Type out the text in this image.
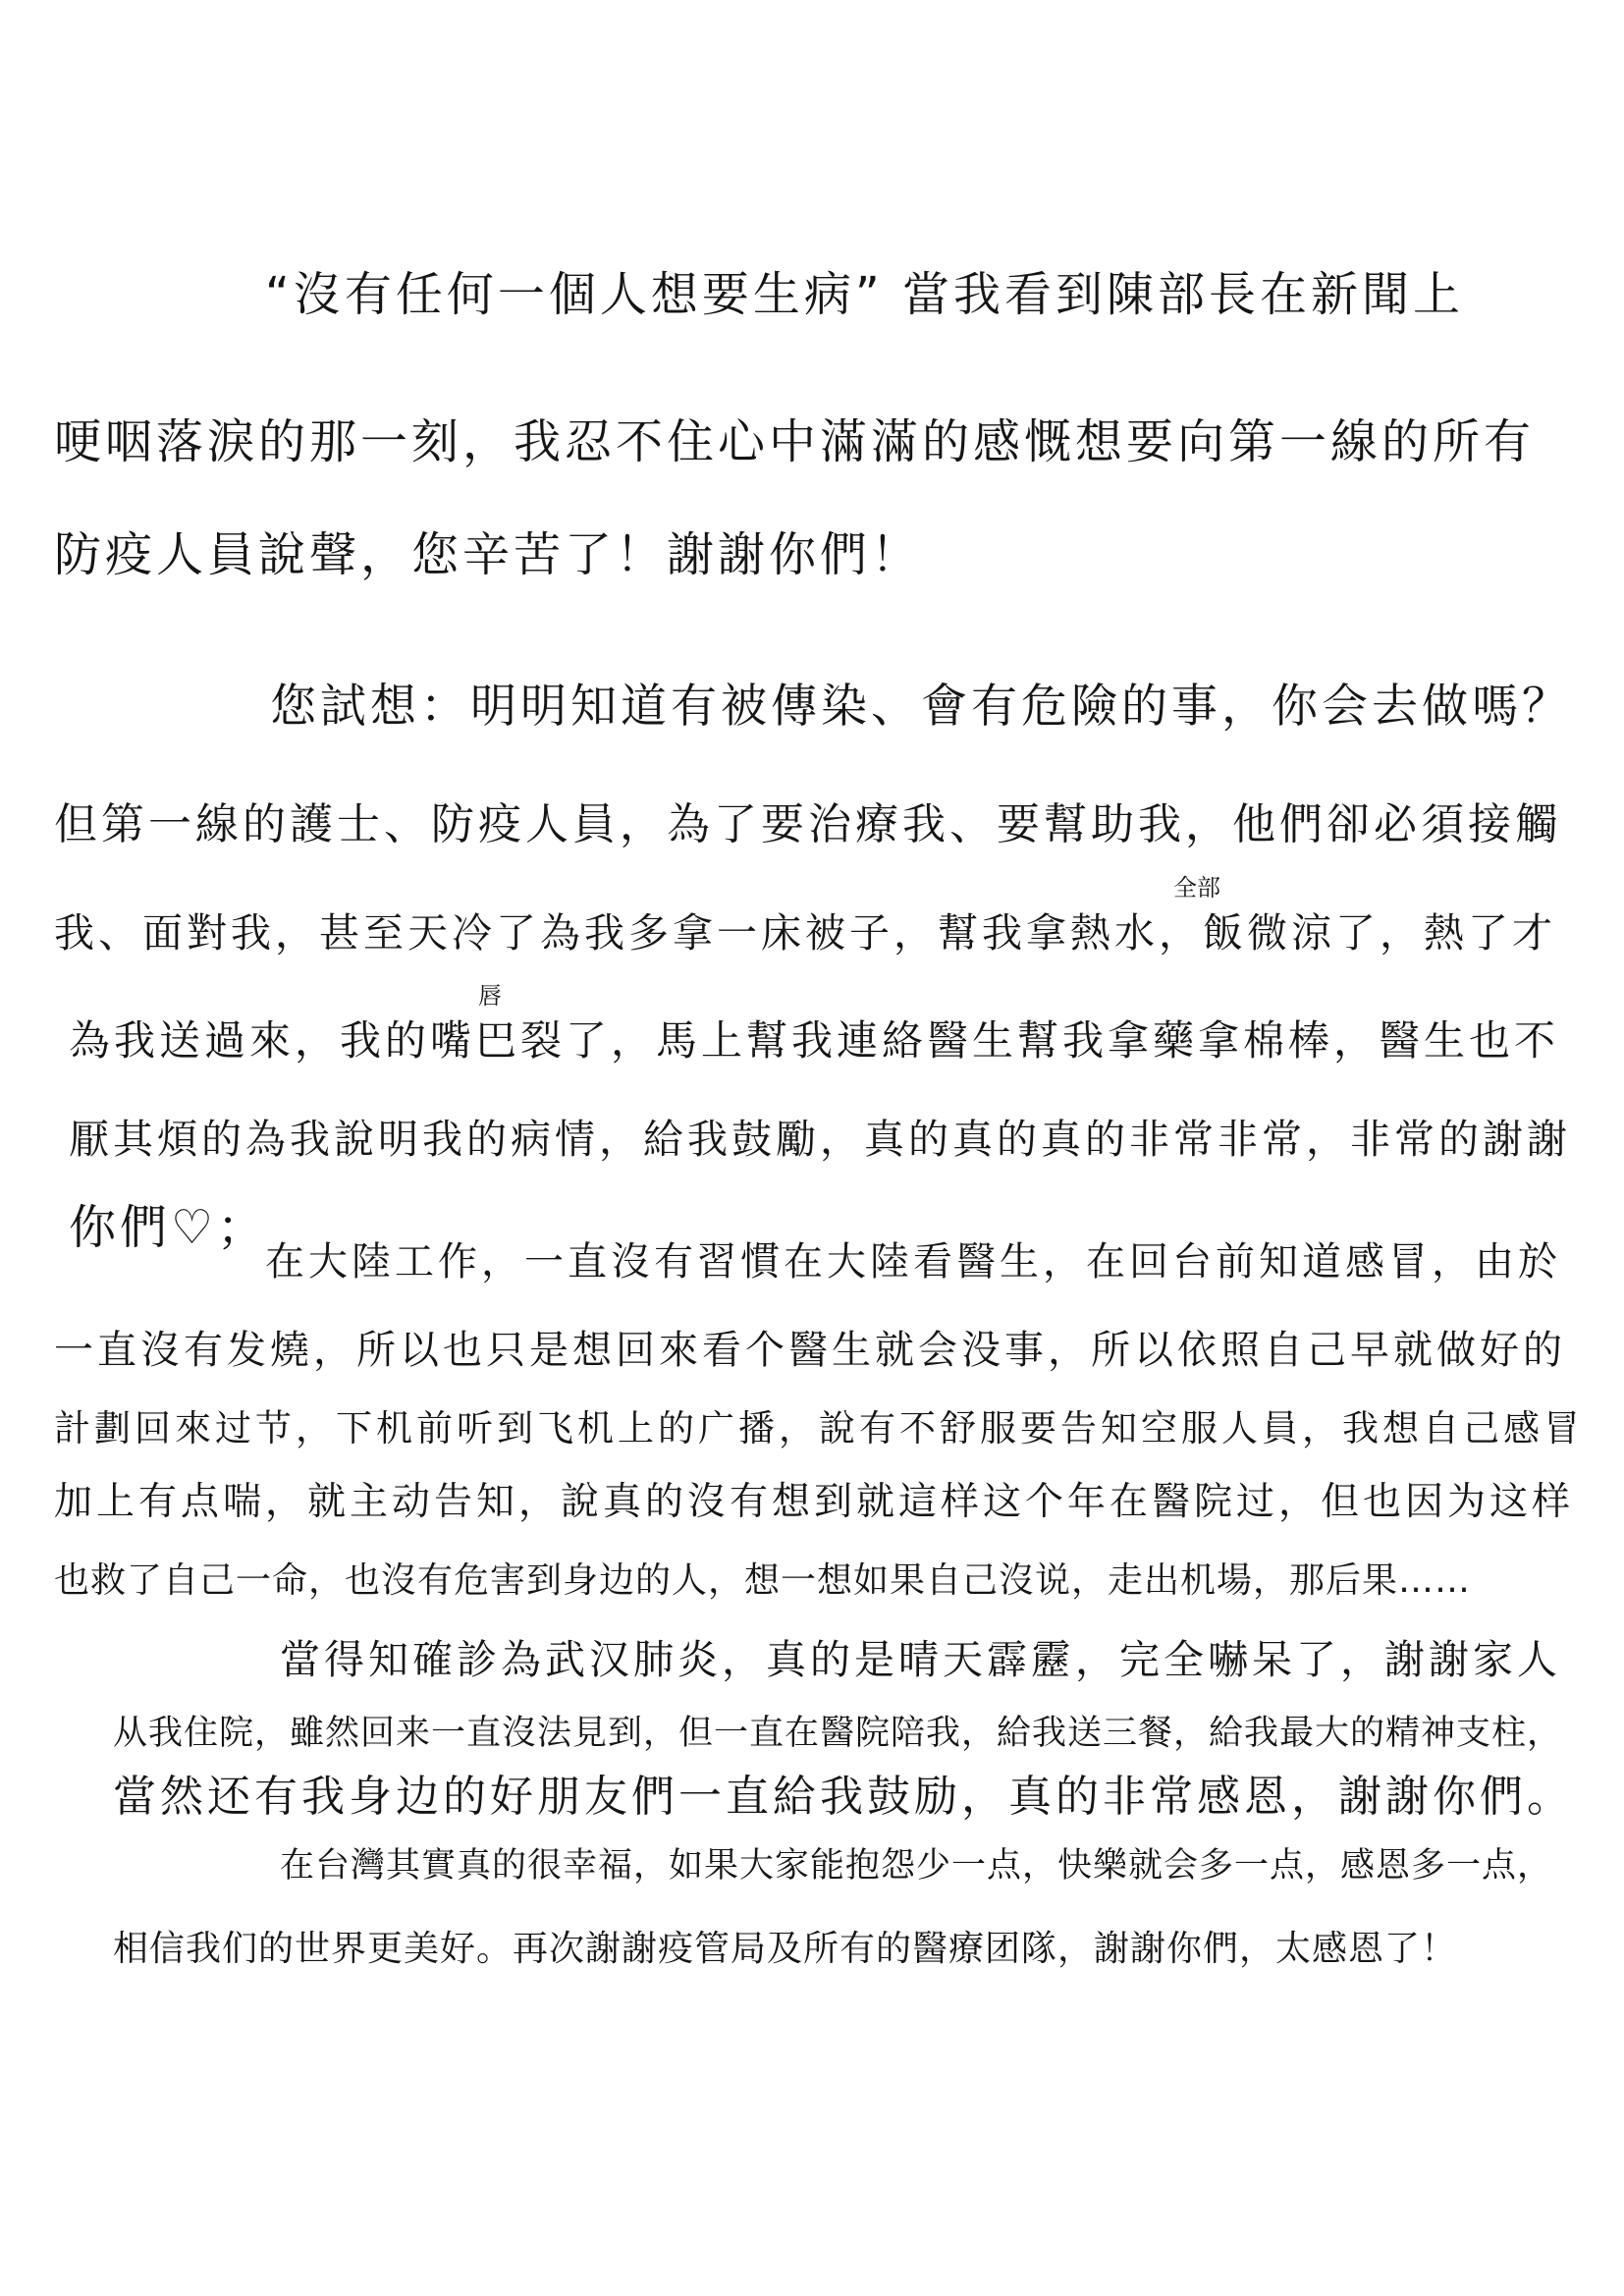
“沒有任何一個人想要生病” 當我看到陳部長在新聞上
哽咽落淚的那一刻，我忍不住心中滿滿的感慨想要向第一線的所有
防疫人員說聲，您辛苦了！謝謝你們！
您試想：明明知道有被傳染、會有危險的事，你会去做嗎？
但第一線的護士、防疫人員，為了要治療我、要幫助我，他們卻必須接觸
我、面對我，甚至天冷了為我多拿一床被子，幫我拿熱水，飯微涼了，熱了才
全部
為我送過來，我的嘴巴裂了，馬上幫我連絡醫生幫我拿藥拿棉棒，醫生也不
唇
厭其煩的為我說明我的病情，給我鼓勵，真的真的真的非常非常，非常的謝謝
你們♡；
在大陸工作，一直沒有習慣在大陸看醫生，在回台前知道感冒，由於
一直沒有发燒，所以也只是想回來看个醫生就会没事，所以依照自己早就做好的
計劃回來过节，下机前听到飞机上的广播，說有不舒服要告知空服人員，我想自己感冒
加上有点喘，就主动告知，說真的沒有想到就這样这个年在醫院过，但也因为这样
也救了自己一命，也沒有危害到身边的人，想一想如果自己沒说，走出机場，那后果……
當得知確診為武汉肺炎，真的是晴天霹靂，完全嚇呆了，謝謝家人
从我住院，雖然回来一直沒法見到，但一直在醫院陪我，給我送三餐，給我最大的精神支柱，
當然还有我身边的好朋友們一直給我鼓励，真的非常感恩，謝謝你們。
在台灣其實真的很幸福，如果大家能抱怨少一点，快樂就会多一点，感恩多一点，
相信我们的世界更美好。再次謝謝疫管局及所有的醫療团隊，謝謝你們，太感恩了！
